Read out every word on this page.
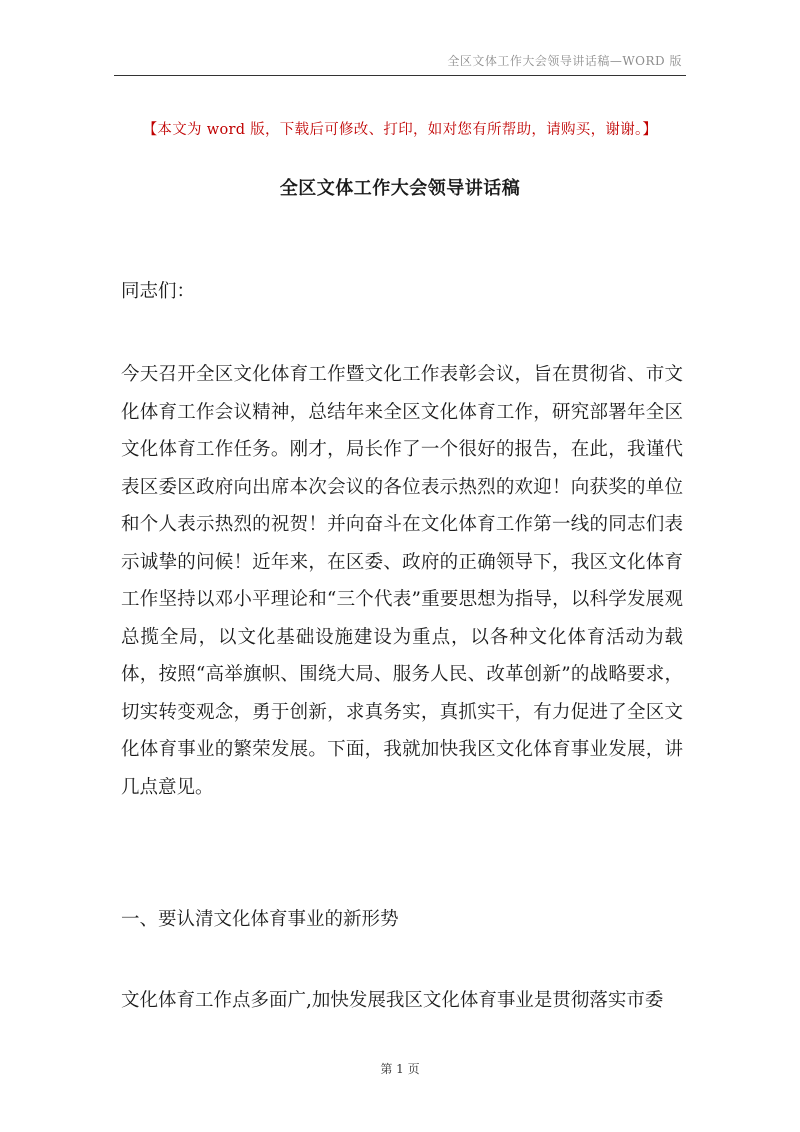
全区文体工作大会领导讲话稿—WORD 版
【本文为 word 版，下载后可修改、打印，如对您有所帮助，请购买，谢谢。】
全区文体工作大会领导讲话稿
同志们：

今天召开全区文化体育工作暨文化工作表彰会议，旨在贯彻省、市文化体育工作会议精神，总结年来全区文化体育工作，研究部署年全区文化体育工作任务。刚才，局长作了一个很好的报告，在此，我谨代表区委区政府向出席本次会议的各位表示热烈的欢迎！向获奖的单位和个人表示热烈的祝贺！并向奋斗在文化体育工作第一线的同志们表示诚挚的问候！近年来，在区委、政府的正确领导下，我区文化体育工作坚持以邓小平理论和“三个代表”重要思想为指导，以科学发展观总揽全局，以文化基础设施建设为重点，以各种文化体育活动为载体，按照“高举旗帜、围绕大局、服务人民、改革创新”的战略要求，切实转变观念，勇于创新，求真务实，真抓实干，有力促进了全区文化体育事业的繁荣发展。下面，我就加快我区文化体育事业发展，讲几点意见。

一、要认清文化体育事业的新形势

文化体育工作点多面广,加快发展我区文化体育事业是贯彻落实市委

第 1 页
